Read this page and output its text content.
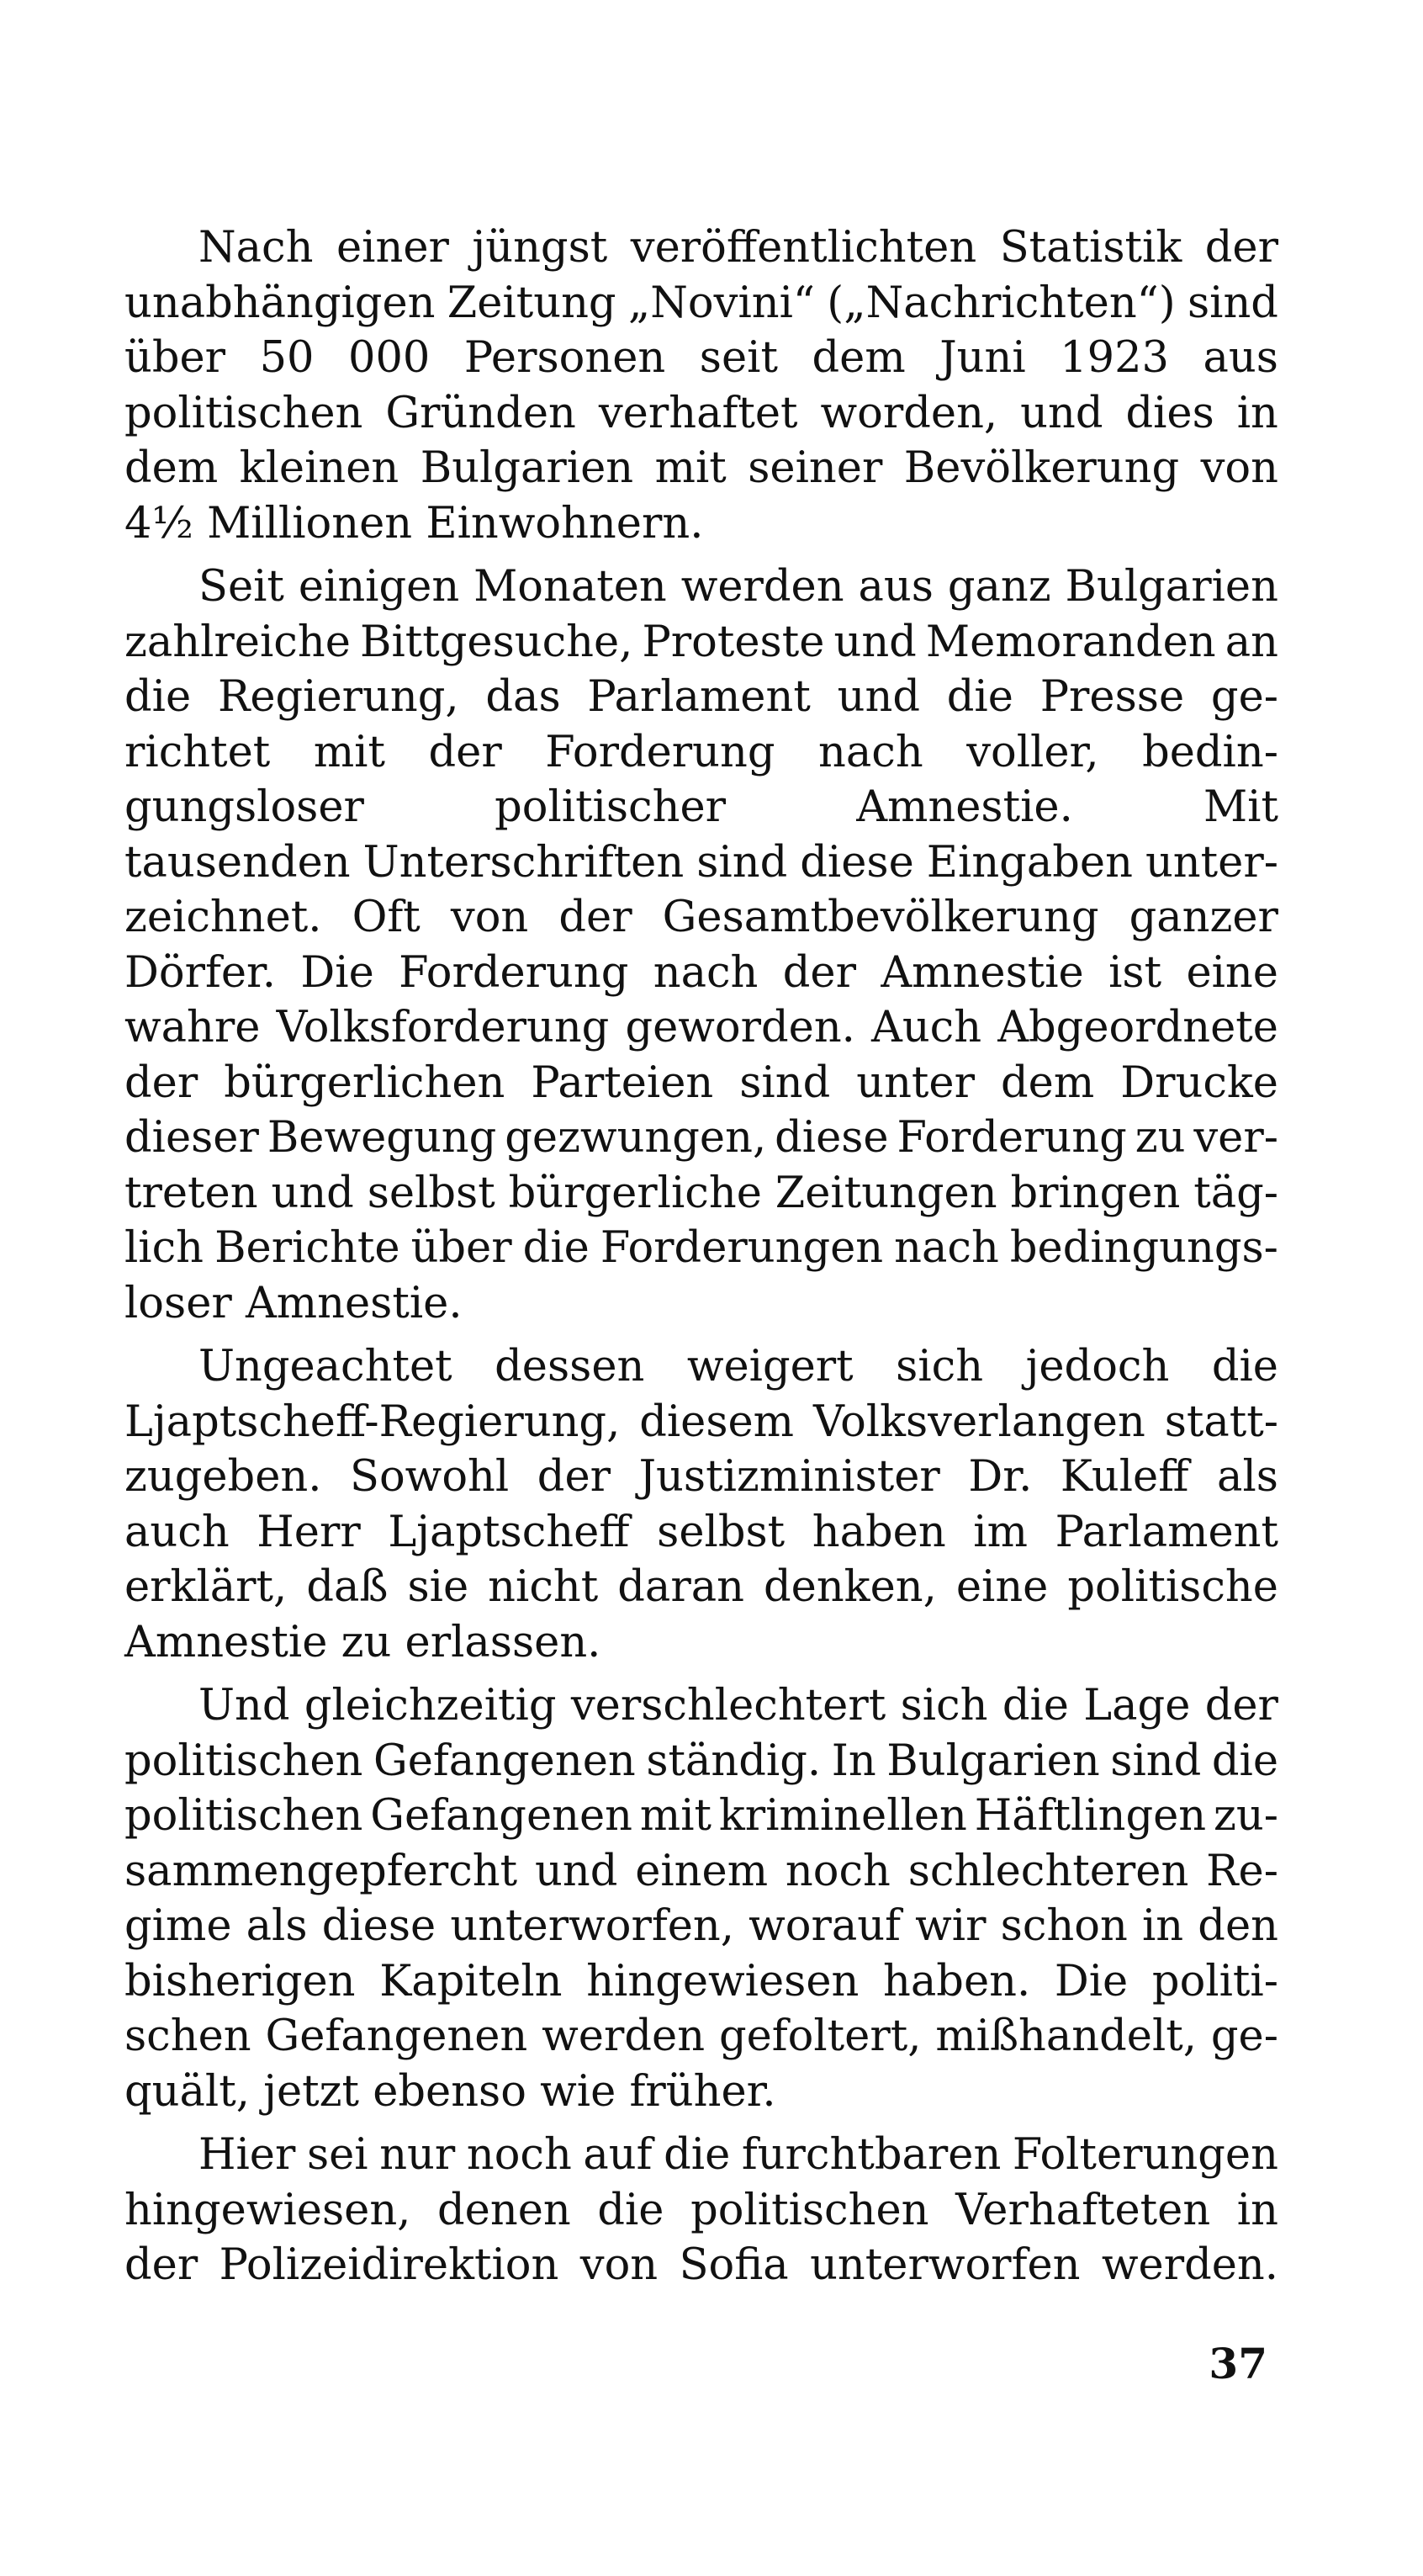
Nach einer jüngst veröffentlichten Statistik der
unabhängigen Zeitung „Novini“ („Nachrichten“) sind
über 50 000 Personen seit dem Juni 1923 aus
politischen Gründen verhaftet worden, und dies in
dem kleinen Bulgarien mit seiner Bevölkerung von
4½ Millionen Einwohnern.
Seit einigen Monaten werden aus ganz Bulgarien
zahlreiche Bittgesuche, Proteste und Memoranden an
die Regierung, das Parlament und die Presse ge-
richtet mit der Forderung nach voller, bedin-
gungsloser	politischer	Amnestie.	Mit
tausenden Unterschriften sind diese Eingaben unter-
zeichnet. Oft von der Gesamtbevölkerung ganzer
Dörfer. Die Forderung nach der Amnestie ist eine
wahre Volksforderung geworden. Auch Abgeordnete
der bürgerlichen Parteien sind unter dem Drucke
dieser Bewegung gezwungen, diese Forderung zu ver-
treten und selbst bürgerliche Zeitungen bringen täg-
lich Berichte über die Forderungen nach bedingungs-
loser Amnestie.
Ungeachtet dessen weigert sich jedoch die
Ljaptscheff-Regierung, diesem Volksverlangen statt-
zugeben. Sowohl der Justizminister Dr. Kuleff als
auch Herr Ljaptscheff selbst haben im Parlament
erklärt, daß sie nicht daran denken, eine politische
Amnestie zu erlassen.
Und gleichzeitig verschlechtert sich die Lage der
politischen Gefangenen ständig. In Bulgarien sind die
politischen Gefangenen mit kriminellen Häftlingen zu-
sammengepfercht und einem noch schlechteren Re-
gime als diese unterworfen, worauf wir schon in den
bisherigen Kapiteln hingewiesen haben. Die politi-
schen Gefangenen werden gefoltert, mißhandelt, ge-
quält, jetzt ebenso wie früher.
Hier sei nur noch auf die furchtbaren Folterungen
hingewiesen, denen die politischen Verhafteten in
der Polizeidirektion von Sofia unterworfen werden.
37
